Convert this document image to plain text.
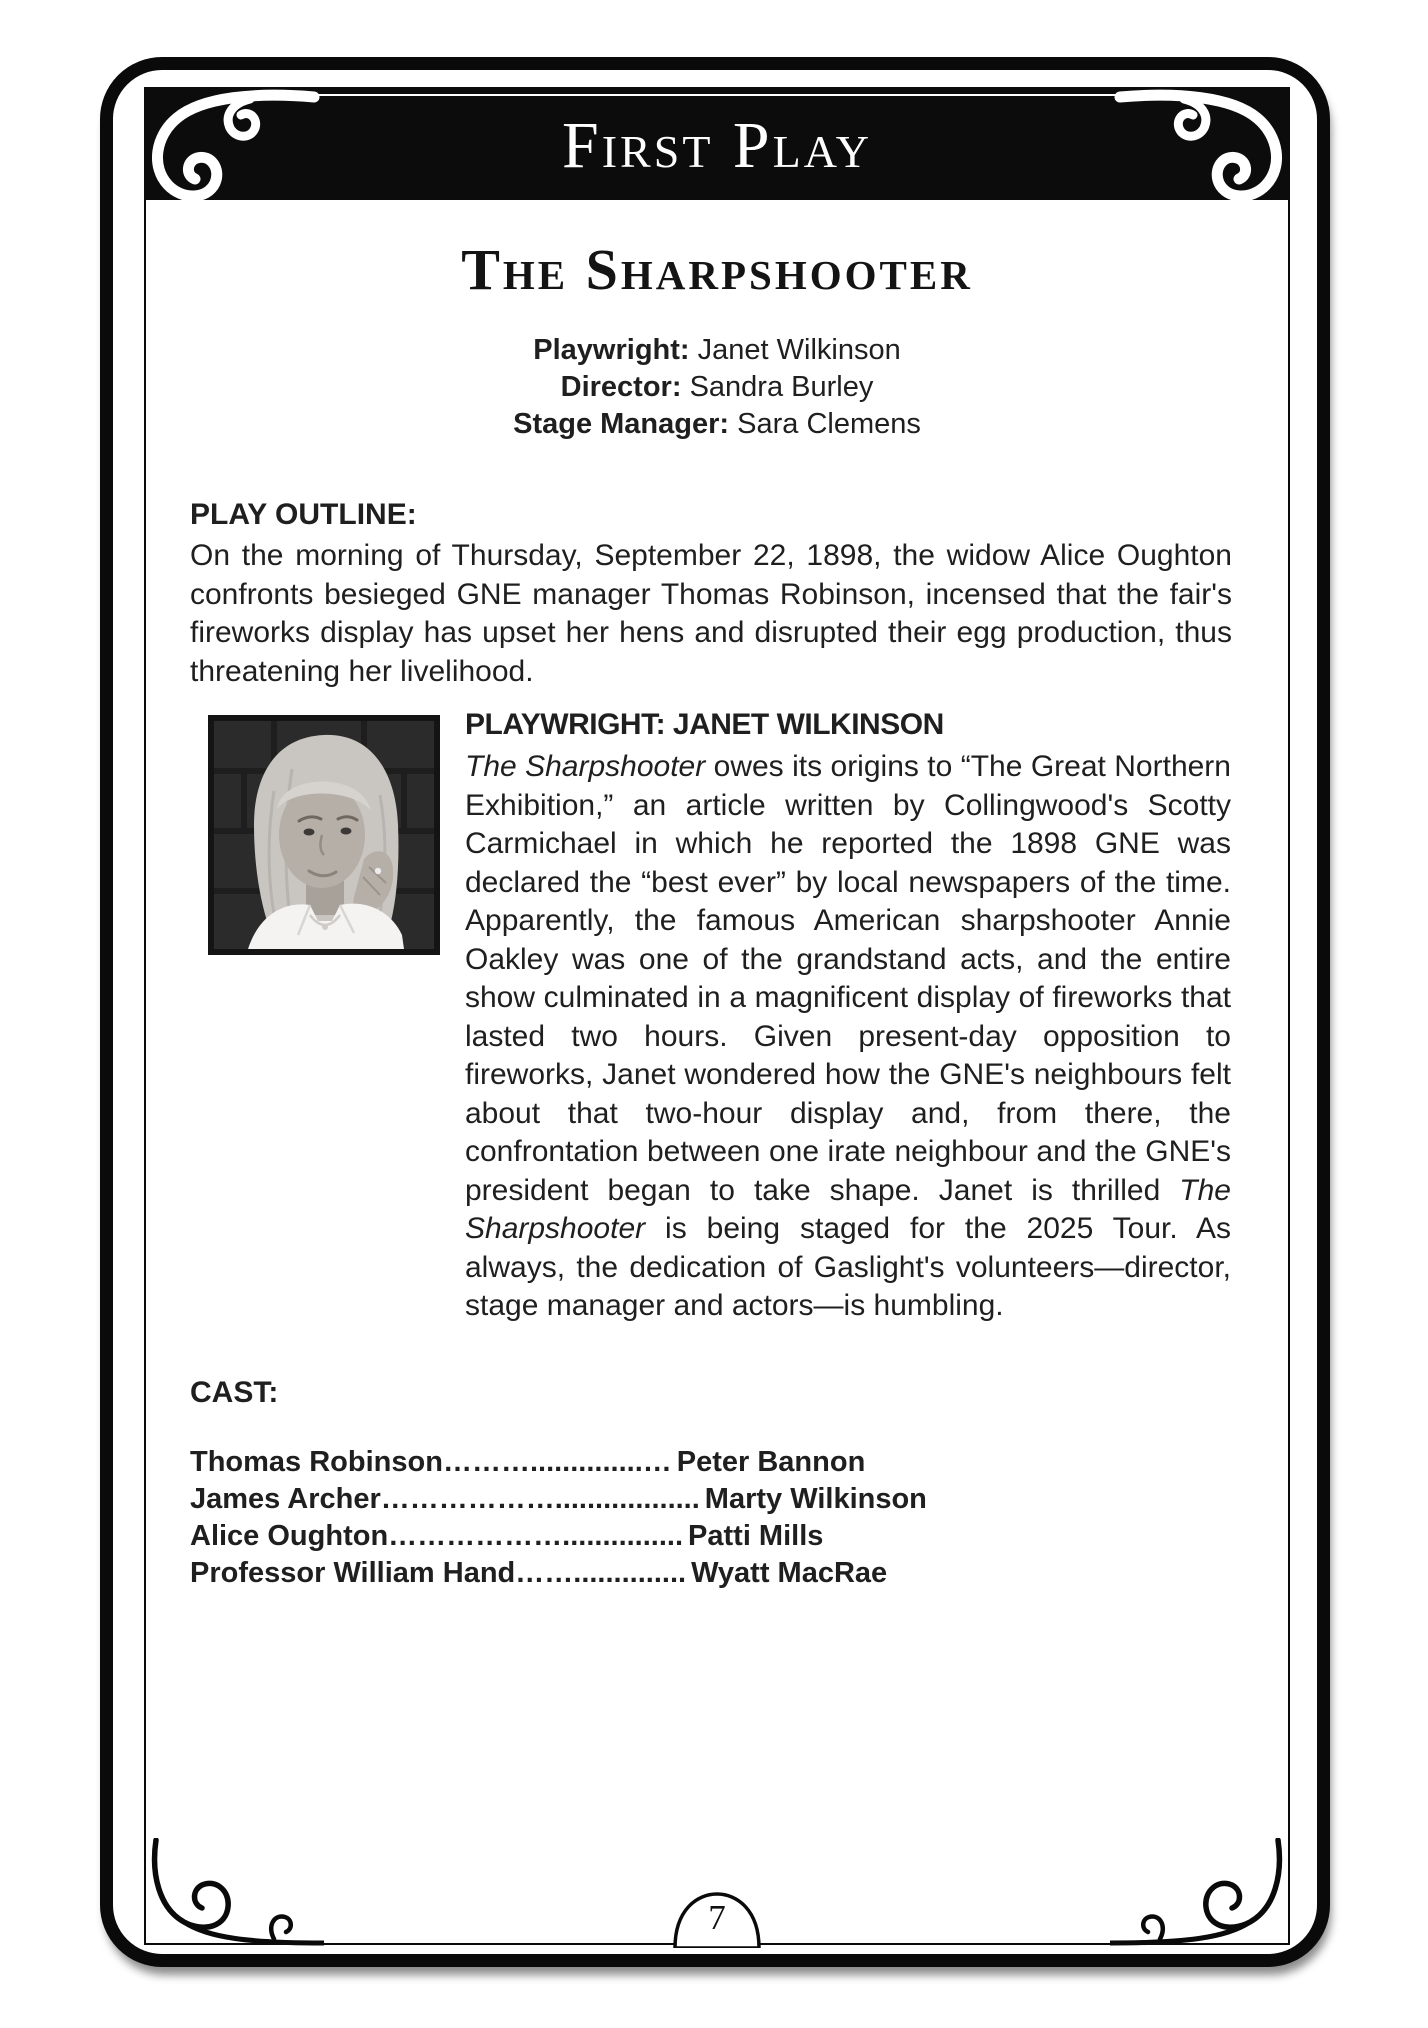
First Play
The Sharpshooter
Playwright: Janet Wilkinson
Director: Sandra Burley
Stage Manager: Sara Clemens
PLAY OUTLINE:
On the morning of Thursday, September 22, 1898, the widow Alice Oughton confronts besieged GNE manager Thomas Robinson, incensed that the fair's fireworks display has upset her hens and disrupted their egg production, thus threatening her livelihood.
PLAYWRIGHT: JANET WILKINSON
The Sharpshooter owes its origins to “The Great Northern Exhibition,” an article written by Collingwood's Scotty Carmichael in which he reported the 1898 GNE was declared the “best ever” by local newspapers of the time. Apparently, the famous American sharpshooter Annie Oakley was one of the grandstand acts, and the entire show culminated in a magnificent display of fireworks that lasted two hours. Given present-day opposition to fireworks, Janet wondered how the GNE's neighbours felt about that two-hour display and, from there, the confrontation between one irate neighbour and the GNE's president began to take shape. Janet is thrilled The Sharpshooter is being staged for the 2025 Tour. As always, the dedication of Gaslight's volunteers—director, stage manager and actors—is humbling.
CAST:
Thomas Robinson………..............… Peter Bannon
James Archer……………….................. Marty Wilkinson
Alice Oughton………………............... Patti Mills
Professor William Hand…….............. Wyatt MacRae
7
